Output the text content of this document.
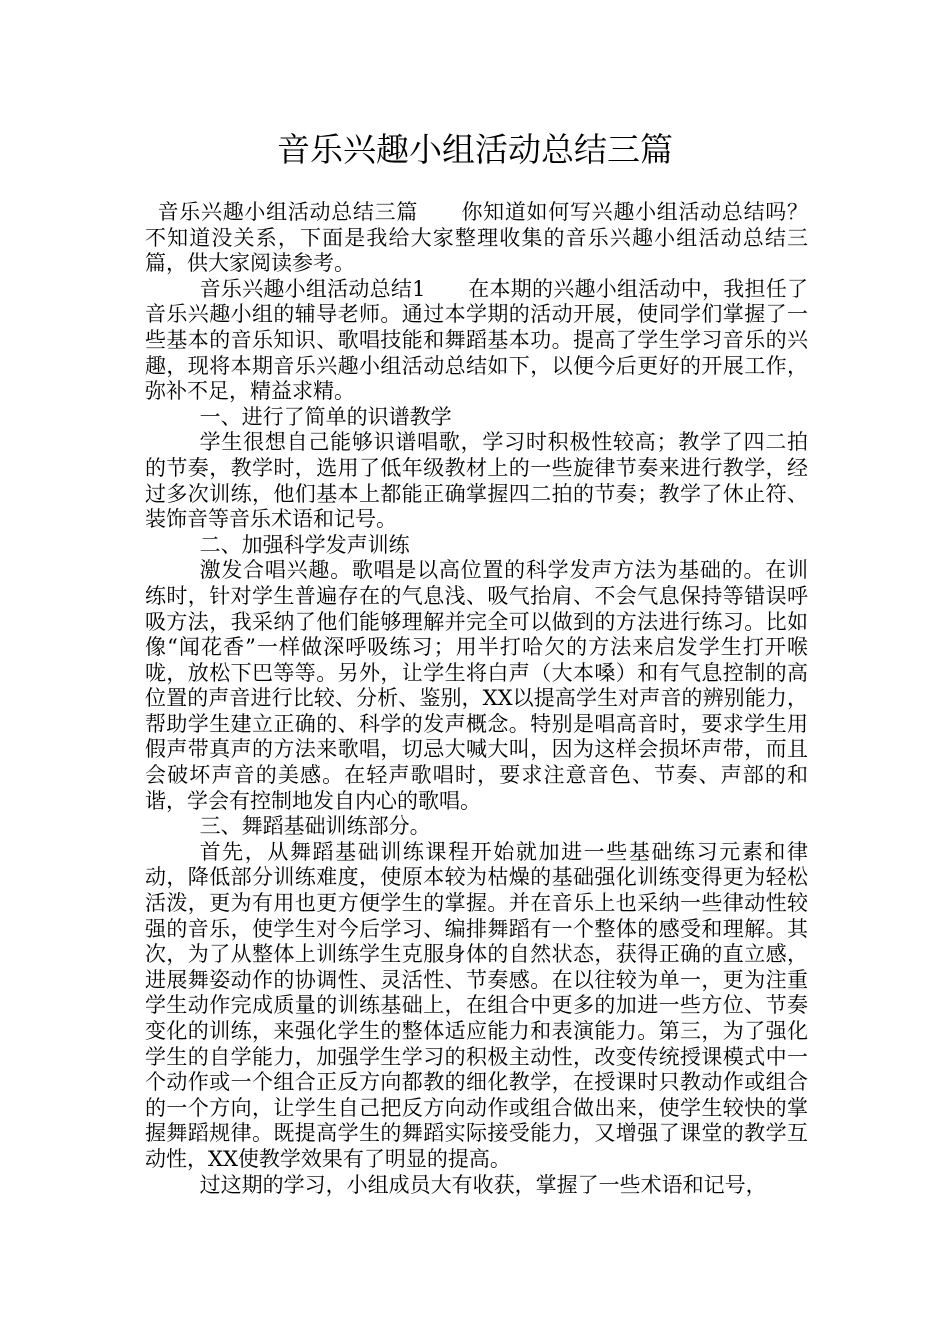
音乐兴趣小组活动总结三篇

音乐兴趣小组活动总结三篇　　你知道如何写兴趣小组活动总结吗？不知道没关系，下面是我给大家整理收集的音乐兴趣小组活动总结三篇，供大家阅读参考。

音乐兴趣小组活动总结1　　在本期的兴趣小组活动中，我担任了音乐兴趣小组的辅导老师。通过本学期的活动开展，使同学们掌握了一些基本的音乐知识、歌唱技能和舞蹈基本功。提高了学生学习音乐的兴趣，现将本期音乐兴趣小组活动总结如下，以便今后更好的开展工作，弥补不足，精益求精。

一、进行了简单的识谱教学

学生很想自己能够识谱唱歌，学习时积极性较高；教学了四二拍的节奏，教学时，选用了低年级教材上的一些旋律节奏来进行教学，经过多次训练，他们基本上都能正确掌握四二拍的节奏；教学了休止符、装饰音等音乐术语和记号。

二、加强科学发声训练

激发合唱兴趣。歌唱是以高位置的科学发声方法为基础的。在训练时，针对学生普遍存在的气息浅、吸气抬肩、不会气息保持等错误呼吸方法，我采纳了他们能够理解并完全可以做到的方法进行练习。比如像“闻花香”一样做深呼吸练习；用半打哈欠的方法来启发学生打开喉咙，放松下巴等等。另外，让学生将白声（大本嗓）和有气息控制的高位置的声音进行比较、分析、鉴别，XX以提高学生对声音的辨别能力，帮助学生建立正确的、科学的发声概念。特别是唱高音时，要求学生用假声带真声的方法来歌唱，切忌大喊大叫，因为这样会损坏声带，而且会破坏声音的美感。在轻声歌唱时，要求注意音色、节奏、声部的和谐，学会有控制地发自内心的歌唱。

三、舞蹈基础训练部分。

首先，从舞蹈基础训练课程开始就加进一些基础练习元素和律动，降低部分训练难度，使原本较为枯燥的基础强化训练变得更为轻松活泼，更为有用也更方便学生的掌握。并在音乐上也采纳一些律动性较强的音乐，使学生对今后学习、编排舞蹈有一个整体的感受和理解。其次，为了从整体上训练学生克服身体的自然状态，获得正确的直立感，进展舞姿动作的协调性、灵活性、节奏感。在以往较为单一，更为注重学生动作完成质量的训练基础上，在组合中更多的加进一些方位、节奏变化的训练，来强化学生的整体适应能力和表演能力。第三，为了强化学生的自学能力，加强学生学习的积极主动性，改变传统授课模式中一个动作或一个组合正反方向都教的细化教学，在授课时只教动作或组合的一个方向，让学生自己把反方向动作或组合做出来，使学生较快的掌握舞蹈规律。既提高学生的舞蹈实际接受能力，又增强了课堂的教学互动性，XX使教学效果有了明显的提高。

过这期的学习，小组成员大有收获，掌握了一些术语和记号，
